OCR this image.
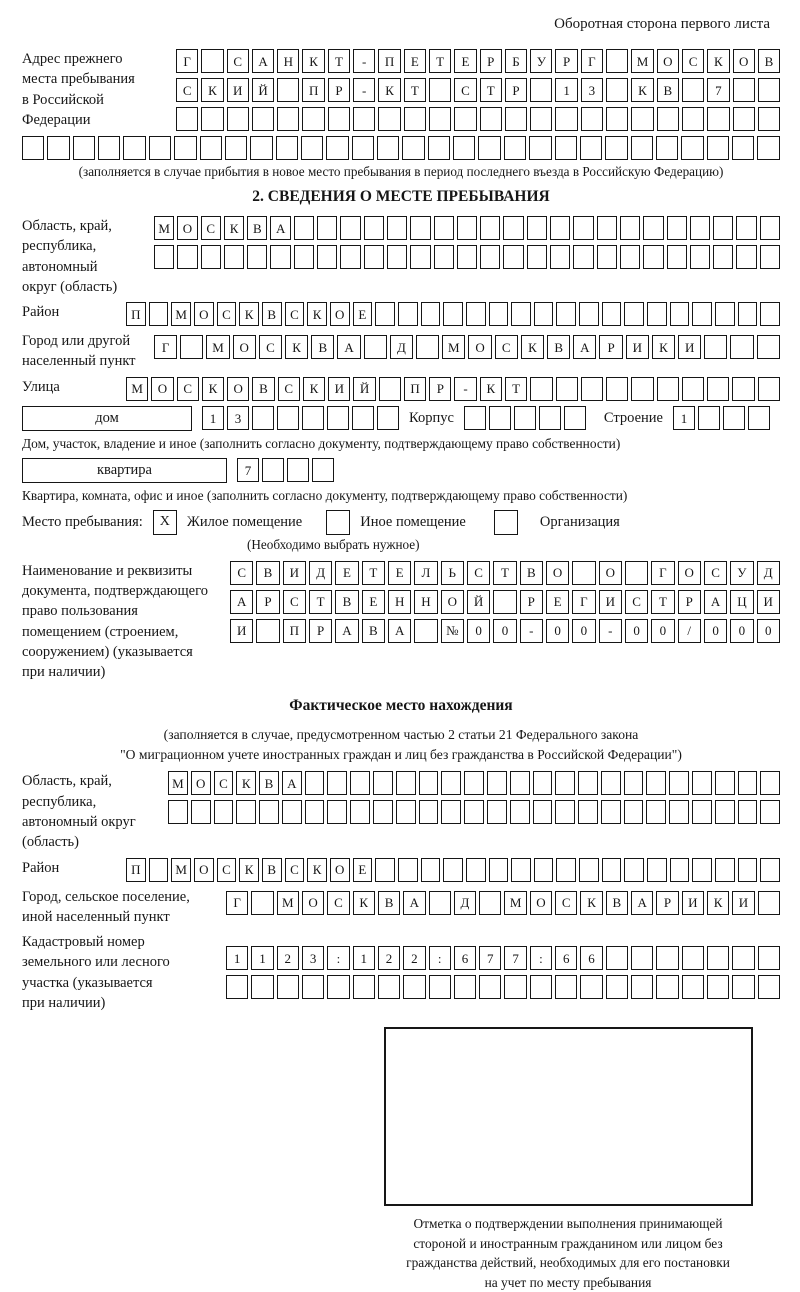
Оборотная сторона первого листа
Адрес прежнего
места пребывания
в Российской
Федерации
Г	С	А	Н	К	Т	-	П	Е	Т	Е	Р	Б	У	Р	Г	М	О	С	К	О	В
С	К	И	Й	П	Р	-	К	Т	С	Т	Р	1	3	К	В	7
(заполняется в случае прибытия в новое место пребывания в период последнего въезда в Российскую Федерацию)
2. СВЕДЕНИЯ О МЕСТЕ ПРЕБЫВАНИЯ
Область, край,
республика,
автономный
округ (область)
М О	С	К	В	А
Район	П	М О	С	К	В	С	К	О	Е
Город или другой
населенный пункт
Г	М	О	С	К	В	А	Д	М	О	С	К	В	А	Р	И	К	И
Улица	М	О	С	К	О	В	С	К	И	Й	П	Р	-	К	Т
дом	1	3	Корпус	Строение	1
Дом, участок, владение и иное (заполнить согласно документу, подтверждающему право собственности)
квартира	7
Квартира, комната, офис и иное (заполнить согласно документу, подтверждающему право собственности)
Место пребывания:	X	Жилое помещение	Иное помещение	Организация
(Необходимо выбрать нужное)
Наименование и реквизиты
документа, подтверждающего
право пользования
помещением (строением,
сооружением) (указывается
при наличии)
С	В	И	Д	Е	Т	Е	Л	Ь	С	Т	В	О	О	Г	О	С	У	Д
А	Р	С	Т	В	Е	Н	Н	О	Й	Р	Е	Г	И	С	Т	Р	А	Ц	И
И	П	Р	А	В	А	№	0	0	-	0	0	-	0	0	/	0	0	0
Фактическое место нахождения
(заполняется в случае, предусмотренном частью 2 статьи 21 Федерального закона
"О миграционном учете иностранных граждан и лиц без гражданства в Российской Федерации")
Область, край,
республика,
автономный округ
(область)
М О	С	К	В	А
Район	П	М О	С	К	В	С	К	О	Е
Город, сельское поселение,
иной населенный пункт
Г	М	О	С	К	В	А	Д	М	О	С	К	В	А	Р	И	К	И
Кадастровый номер
земельного или лесного
участка (указывается
при наличии)
1	1	2	3	:	1	2	2	:	6	7	7	:	6	6
Отметка о подтверждении выполнения принимающей
стороной и иностранным гражданином или лицом без
гражданства действий, необходимых для его постановки
на учет по месту пребывания
